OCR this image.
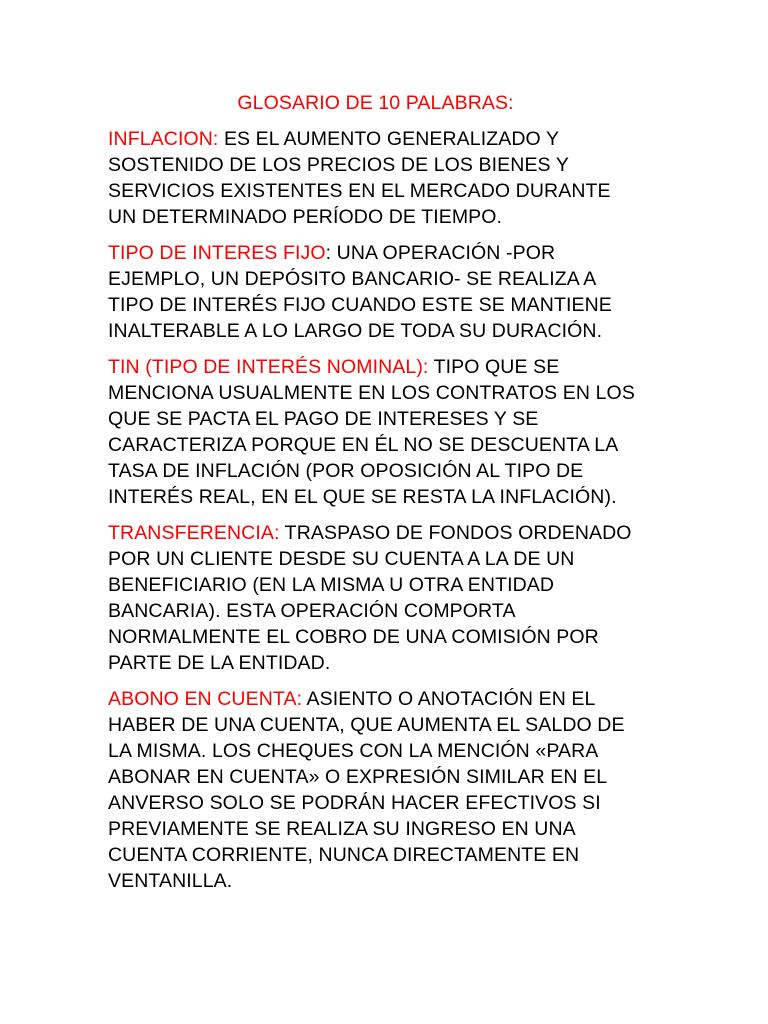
GLOSARIO DE 10 PALABRAS:

INFLACION: ES EL AUMENTO GENERALIZADO Y SOSTENIDO DE LOS PRECIOS DE LOS BIENES Y SERVICIOS EXISTENTES EN EL MERCADO DURANTE UN DETERMINADO PERÍODO DE TIEMPO.

TIPO DE INTERES FIJO: UNA OPERACIÓN -POR EJEMPLO, UN DEPÓSITO BANCARIO- SE REALIZA A TIPO DE INTERÉS FIJO CUANDO ESTE SE MANTIENE INALTERABLE A LO LARGO DE TODA SU DURACIÓN.

TIN (TIPO DE INTERÉS NOMINAL): TIPO QUE SE MENCIONA USUALMENTE EN LOS CONTRATOS EN LOS QUE SE PACTA EL PAGO DE INTERESES Y SE CARACTERIZA PORQUE EN ÉL NO SE DESCUENTA LA TASA DE INFLACIÓN (POR OPOSICIÓN AL TIPO DE INTERÉS REAL, EN EL QUE SE RESTA LA INFLACIÓN).

TRANSFERENCIA: TRASPASO DE FONDOS ORDENADO POR UN CLIENTE DESDE SU CUENTA A LA DE UN BENEFICIARIO (EN LA MISMA U OTRA ENTIDAD BANCARIA). ESTA OPERACIÓN COMPORTA NORMALMENTE EL COBRO DE UNA COMISIÓN POR PARTE DE LA ENTIDAD.

ABONO EN CUENTA: ASIENTO O ANOTACIÓN EN EL HABER DE UNA CUENTA, QUE AUMENTA EL SALDO DE LA MISMA. LOS CHEQUES CON LA MENCIÓN «PARA ABONAR EN CUENTA» O EXPRESIÓN SIMILAR EN EL ANVERSO SOLO SE PODRÁN HACER EFECTIVOS SI PREVIAMENTE SE REALIZA SU INGRESO EN UNA CUENTA CORRIENTE, NUNCA DIRECTAMENTE EN VENTANILLA.
